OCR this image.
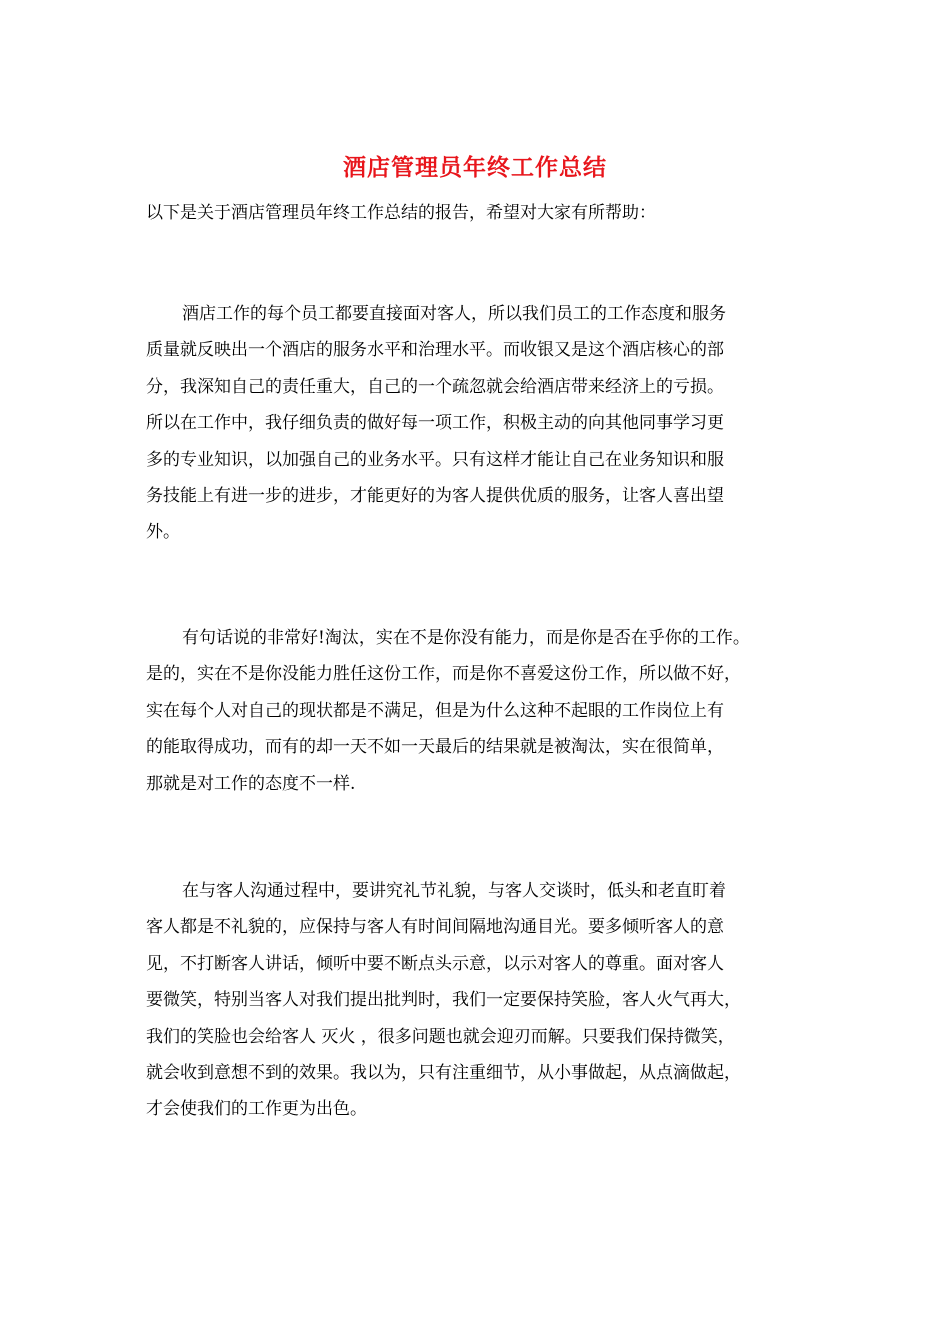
酒店管理员年终工作总结
以下是关于酒店管理员年终工作总结的报告，希望对大家有所帮助：
酒店工作的每个员工都要直接面对客人，所以我们员工的工作态度和服务
质量就反映出一个酒店的服务水平和治理水平。而收银又是这个酒店核心的部
分，我深知自己的责任重大，自己的一个疏忽就会给酒店带来经济上的亏损。
所以在工作中，我仔细负责的做好每一项工作，积极主动的向其他同事学习更
多的专业知识，以加强自己的业务水平。只有这样才能让自己在业务知识和服
务技能上有进一步的进步，才能更好的为客人提供优质的服务，让客人喜出望
外。
有句话说的非常好!淘汰，实在不是你没有能力，而是你是否在乎你的工作。
是的，实在不是你没能力胜任这份工作，而是你不喜爱这份工作，所以做不好，
实在每个人对自己的现状都是不满足，但是为什么这种不起眼的工作岗位上有
的能取得成功，而有的却一天不如一天最后的结果就是被淘汰，实在很简单，
那就是对工作的态度不一样.
在与客人沟通过程中，要讲究礼节礼貌，与客人交谈时，低头和老直盯着
客人都是不礼貌的，应保持与客人有时间间隔地沟通目光。要多倾听客人的意
见，不打断客人讲话，倾听中要不断点头示意，以示对客人的尊重。面对客人
要微笑，特别当客人对我们提出批判时，我们一定要保持笑脸，客人火气再大，
我们的笑脸也会给客人 灭火 ，很多问题也就会迎刃而解。只要我们保持微笑，
就会收到意想不到的效果。我以为，只有注重细节，从小事做起，从点滴做起，
才会使我们的工作更为出色。
